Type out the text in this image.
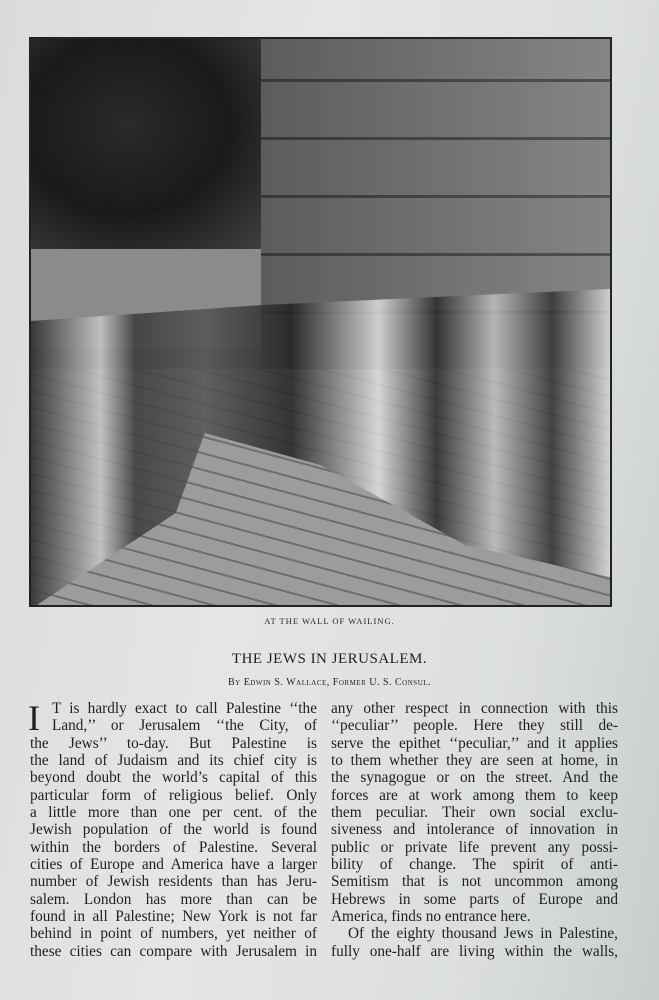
AT THE WALL OF WAILING.
THE JEWS IN JERUSALEM.
By Edwin S. Wallace, Former U. S. Consul.
I T is hardly exact to call Palestine ‘‘the
Land,’’ or Jerusalem ‘‘the City, of
the Jews’’ to-day. But Palestine is
the land of Judaism and its chief city is
beyond doubt the world’s capital of this
particular form of religious belief. Only
a little more than one per cent. of the
Jewish population of the world is found
within the borders of Palestine. Several
cities of Europe and America have a larger
number of Jewish residents than has Jeru-
salem. London has more than can be
found in all Palestine; New York is not far
behind in point of numbers, yet neither of
these cities can compare with Jerusalem in
any other respect in connection with this
‘‘peculiar’’ people. Here they still de-
serve the epithet ‘‘peculiar,’’ and it applies
to them whether they are seen at home, in
the synagogue or on the street. And the
forces are at work among them to keep
them peculiar. Their own social exclu-
siveness and intolerance of innovation in
public or private life prevent any possi-
bility of change. The spirit of anti-
Semitism that is not uncommon among
Hebrews in some parts of Europe and
America, finds no entrance here.
Of the eighty thousand Jews in Palestine,
fully one-half are living within the walls,
